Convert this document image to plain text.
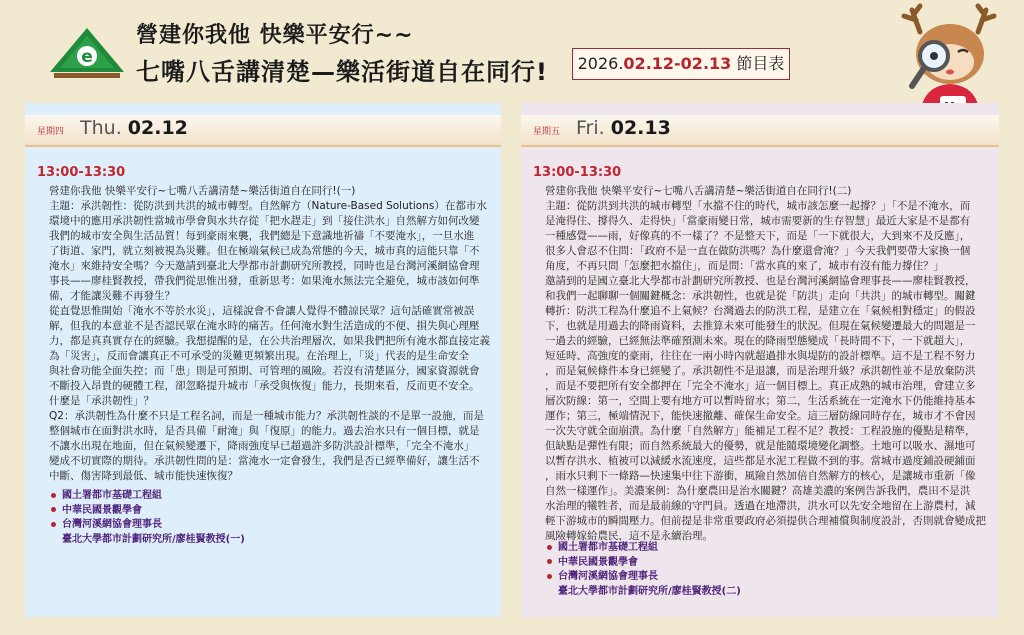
e
營建你我他 快樂平安行~~
七嘴八舌講清楚—樂活街道自在同行!	2026.02.12-02.13 節目表
星期四 Thu. 02.12
13:00-13:30

營建你我他 快樂平安行~七嘴八舌講清楚~樂活街道自在同行!(一)

主題：承洪韌性：從防洪到共洪的城市轉型。自然解方（Nature-Based Solutions）在都市水

環境中的應用承洪韌性當城市學會與水共存從「把水趕走」到「接住洪水」自然解方如何改變

我們的城市安全與生活品質！每到豪雨來襲，我們總是下意識地祈禱「不要淹水」，一旦水進

了街道、家門，就立刻被視為災難。但在極端氣候已成為常態的今天，城市真的這能只靠「不

淹水」來維持安全嗎？今天邀請到臺北大學都市計劃研究所教授，同時也是台灣河溪網協會理

事長——廖桂賢教授，帶我們從思惟出發，重新思考：如果淹水無法完全避免，城市該如何準

備，才能讓災難不再發生？

從直覺思惟開始「淹水不等於水災」，這樣說會不會讓人覺得不體諒民眾？這句話確實常被誤

解，但我的本意並不是否認民眾在淹水時的痛苦。任何淹水對生活造成的不便、損失與心理壓

力，都是真真實存在的經驗。我想提醒的是，在公共治理層次，如果我們把所有淹水都直接定義

為「災害」，反而會讓真正不可承受的災難更頻繁出現。在治理上，「災」代表的是生命安全

與社會功能全面失控；而「患」則是可預期、可管理的風險。若沒有清楚區分，國家資源就會

不斷投入昂貴的硬體工程，卻忽略提升城市「承受與恢復」能力，長期來看，反而更不安全。

什麼是「承洪韌性」？

Q2：承洪韌性為什麼不只是工程名詞，而是一種城市能力？承洪韌性談的不是單一設施，而是

整個城市在面對洪水時，是否具備「耐淹」與「復原」的能力。過去治水只有一個目標，就是

不讓水出現在地面，但在氣候變遷下，降雨強度早已超過許多防洪設計標準，「完全不淹水」

變成不切實際的期待。承洪韌性問的是：當淹水一定會發生，我們是否已經準備好，讓生活不

中斷、傷害降到最低、城市能快速恢復？

國土署都市基礎工程組
中華民國景觀學會
台灣河溪網協會理事長
臺北大學都市計劃研究所/廖桂賢教授(一)
星期五 Fri. 02.13
13:00-13:30

營建你我他 快樂平安行~七嘴八舌講清楚~樂活街道自在同行!(二)

主題：從防洪到共洪的城市轉型「水擋不住的時代，城市該怎麼一起撐？」「不是不淹水，而

是淹得住、撐得久、走得快」「當豪雨變日常，城市需要新的生存智慧」最近大家是不是都有

一種感覺——雨，好像真的不一樣了？不是整天下，而是「一下就很大，大到來不及反應」，

很多人會忍不住問：「政府不是一直在做防洪嗎？為什麼還會淹？」今天我們要帶大家換一個

角度，不再只問「怎麼把水擋住」，而是問：「當水真的來了，城市有沒有能力撐住？」

邀請到的是國立臺北大學都市計劃研究所教授、也是台灣河溪網協會理事長——廖桂賢教授，

和我們一起聊聊一個關鍵概念：承洪韌性，也就是從「防洪」走向「共洪」的城市轉型。關鍵

轉折：防洪工程為什麼追不上氣候？台灣過去的防洪工程，是建立在「氣候相對穩定」的假設

下，也就是用過去的降雨資料，去推算未來可能發生的狀況。但現在氣候變遷最大的問題是一

一過去的經驗，已經無法準確預測未來。現在的降雨型態變成「長時間不下，一下就超大」，

短延時、高強度的豪雨，往往在一兩小時內就超過排水與堤防的設計標準。這不是工程不努力

，而是氣候條件本身已經變了。承洪韌性不是退讓，而是治理升級？承洪韌性並不是放棄防洪

，而是不要把所有安全都押在「完全不淹水」這一個目標上。真正成熟的城市治理，會建立多

層次防線：第一，空間上要有地方可以暫時留水；第二，生活系統在一定淹水下仍能維持基本

運作；第三，極端情況下，能快速撤離、確保生命安全。這三層防線同時存在，城市才不會因

一次失守就全面崩潰。為什麼「自然解方」能補足工程不足？教授：工程設施的優點是精準，

但缺點是彈性有限；而自然系統最大的優勢，就是能隨環境變化調整。土地可以吸水、濕地可

以暫存洪水、植被可以減緩水流速度，這些都是水泥工程做不到的事。當城市過度鋪設硬鋪面

，雨水只剩下一條路—快速集中往下游衝，風險自然加倍自然解方的核心，是讓城市重新「像

自然一樣運作」。美濃案例：為什麼農田是治水關鍵？高雄美濃的案例告訴我們，農田不是洪

水治理的犧牲者，而是最前線的守門員。透過在地滯洪，洪水可以先安全地留在上游農村，減

輕下游城市的瞬間壓力。但前提是非常重要政府必須提供合理補償與制度設計，否則就會變成把

風險轉嫁給農民，這不是永續治理。

國土署都市基礎工程組
中華民國景觀學會
台灣河溪網協會理事長
臺北大學都市計劃研究所/廖桂賢教授(二)
